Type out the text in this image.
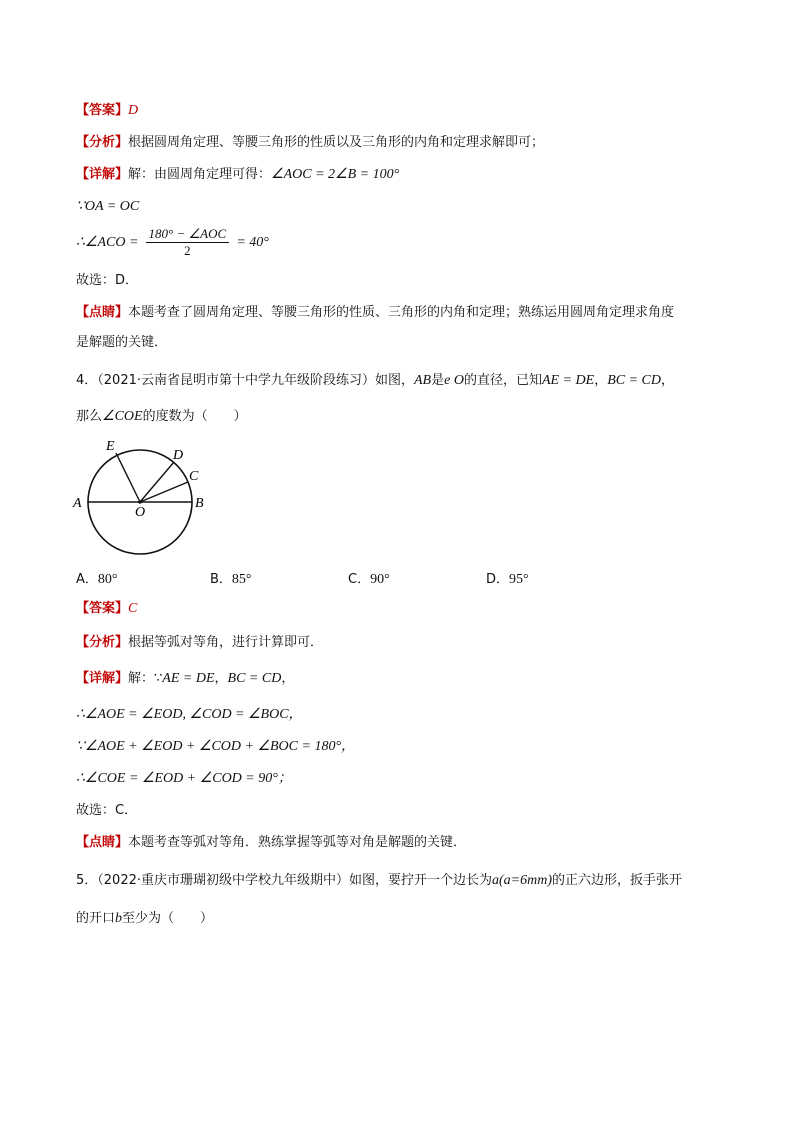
【答案】D
【分析】根据圆周角定理、等腰三角形的性质以及三角形的内角和定理求解即可；
【详解】解：由圆周角定理可得：∠AOC = 2∠B = 100°
∵OA = OC
∴∠ACO = $\frac{\text{180° − ∠AOC}}{2} = 40^\circ$
故选：D．
【点睛】本题考查了圆周角定理、等腰三角形的性质、三角形的内角和定理；熟练运用圆周角定理求角度
是解题的关键．
4．（2021·云南省昆明市第十中学九年级阶段练习）如图，AB是e O的直径，已知AE = DE，BC = CD，
那么∠COE的度数为（　　）
E
D
C
A
O
B
A．80°	B．85°	C．90°	D．95°
【答案】C
【分析】根据等弧对等角，进行计算即可．
【详解】解：∵AE = DE，BC = CD，
∴∠AOE = ∠EOD, ∠COD = ∠BOC，
∵∠AOE + ∠EOD + ∠COD + ∠BOC = 180°，
∴∠COE = ∠EOD + ∠COD = 90°；
故选：C．
【点睛】本题考查等弧对等角．熟练掌握等弧等对角是解题的关键．
5．（2022·重庆市珊瑚初级中学校九年级期中）如图，要拧开一个边长为a(a=6mm)的正六边形，扳手张开
的开口b至少为（　　）
